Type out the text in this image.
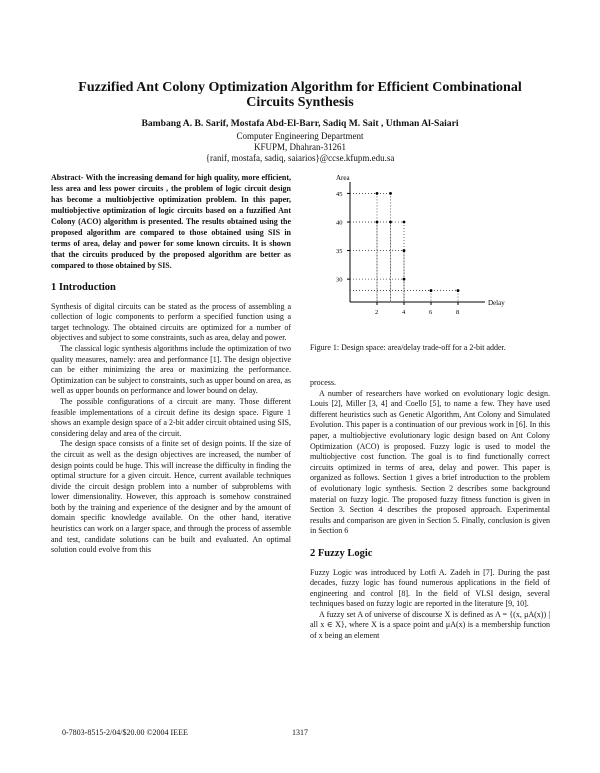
Fuzzified Ant Colony Optimization Algorithm for Efficient Combinational Circuits Synthesis
Bambang A. B. Sarif, Mostafa Abd-El-Barr, Sadiq M. Sait , Uthman Al-Saiari
Computer Engineering Department
KFUPM, Dhahran-31261
{ranif, mostafa, sadiq, saiarios}@ccse.kfupm.edu.sa

Abstract- With the increasing demand for high quality, more efficient, less area and less power circuits , the problem of logic circuit design has become a multiobjective optimization problem. In this paper, multiobjective optimization of logic circuits based on a fuzzified Ant Colony (ACO) algorithm is presented. The results obtained using the proposed algorithm are compared to those obtained using SIS in terms of area, delay and power for some known circuits. It is shown that the circuits produced by the proposed algorithm are better as compared to those obtained by SIS.

1 Introduction

Synthesis of digital circuits can be stated as the process of assembling a collection of logic components to perform a specified function using a target technology. The obtained circuits are optimized for a number of objectives and subject to some constraints, such as area, delay and power.

The classical logic synthesis algorithms include the optimization of two quality measures, namely: area and performance [1]. The design objective can be either minimizing the area or maximizing the performance. Optimization can be subject to constraints, such as upper bound on area, as well as upper bounds on performance and lower bound on delay.

The possible configurations of a circuit are many. Those different feasible implementations of a circuit define its design space. Figure 1 shows an example design space of a 2-bit adder circuit obtained using SIS, considering delay and area of the circuit.

The design space consists of a finite set of design points. If the size of the circuit as well as the design objectives are increased, the number of design points could be huge. This will increase the difficulty in finding the optimal structure for a given circuit. Hence, current available techniques divide the circuit design problem into a number of subproblems with lower dimensionality. However, this approach is somehow constrained both by the training and experience of the designer and by the amount of domain specific knowledge available. On the other hand, iterative heuristics can work on a larger space, and through the process of assemble and test, candidate solutions can be built and evaluated. An optimal solution could evolve from this

Area
Delay
30
35
40
45
2	4	6	8
Figure 1: Design space: area/delay trade-off for a 2-bit adder.

process.

A number of researchers have worked on evolutionary logic design. Louis [2], Miller [3, 4] and Coello [5], to name a few. They have used different heuristics such as Genetic Algorithm, Ant Colony and Simulated Evolution. This paper is a continuation of our previous work in [6]. In this paper, a multiobjective evolutionary logic design based on Ant Colony Optimization (ACO) is proposed. Fuzzy logic is used to model the multiobjective cost function. The goal is to find functionally correct circuits optimized in terms of area, delay and power. This paper is organized as follows. Section 1 gives a brief introduction to the problem of evolutionary logic synthesis. Section 2 describes some background material on fuzzy logic. The proposed fuzzy fitness function is given in Section 3. Section 4 describes the proposed approach. Experimental results and comparison are given in Section 5. Finally, conclusion is given in Section 6

2 Fuzzy Logic

Fuzzy Logic was introduced by Lotfi A. Zadeh in [7]. During the past decades, fuzzy logic has found numerous applications in the field of engineering and control [8]. In the field of VLSI design, several techniques based on fuzzy logic are reported in the literature [9, 10].

A fuzzy set A of universe of discourse X is defined as A = {(x, μA(x)) | all x ∈ X}, where X is a space point and μA(x) is a membership function of x being an element

0-7803-8515-2/04/$20.00 ©2004 IEEE	1317
